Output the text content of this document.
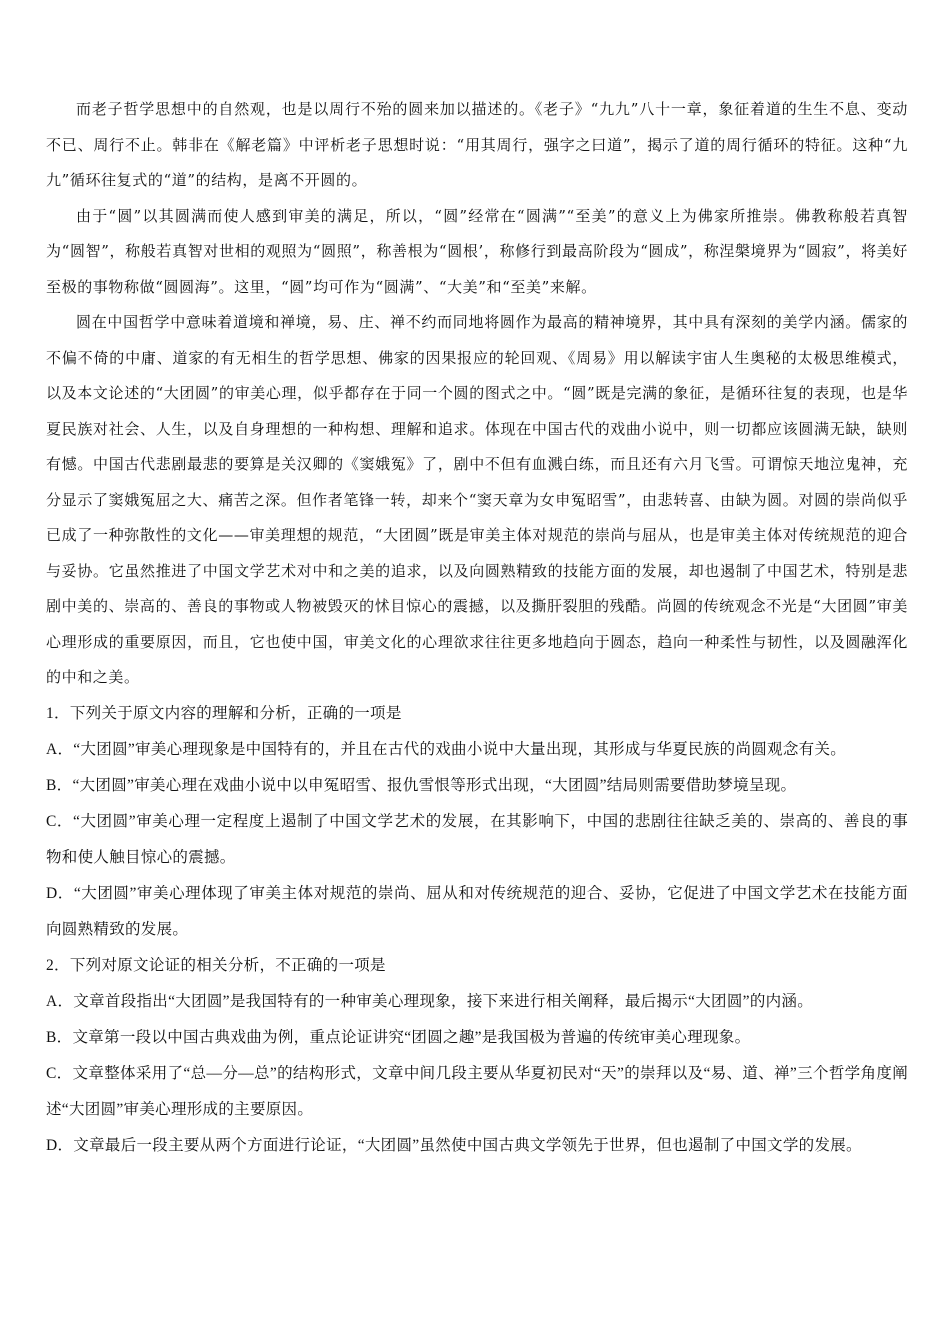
而老子哲学思想中的自然观，也是以周行不殆的圆来加以描述的。《老子》“九九”八十一章，象征着道的生生不息、变动不已、周行不止。韩非在《解老篇》中评析老子思想时说：“用其周行，强字之曰道”，揭示了道的周行循环的特征。这种“九九”循环往复式的“道”的结构，是离不开圆的。

由于“圆”以其圆满而使人感到审美的满足，所以，“圆”经常在“圆满”“至美”的意义上为佛家所推崇。佛教称般若真智为“圆智”，称般若真智对世相的观照为“圆照”，称善根为“圆根’，称修行到最高阶段为“圆成”，称涅槃境界为“圆寂”，将美好至极的事物称做“圆圆海”。这里，“圆”均可作为“圆满”、“大美”和“至美”来解。

圆在中国哲学中意味着道境和禅境，易、庄、禅不约而同地将圆作为最高的精神境界，其中具有深刻的美学内涵。儒家的不偏不倚的中庸、道家的有无相生的哲学思想、佛家的因果报应的轮回观、《周易》用以解读宇宙人生奥秘的太极思维模式，以及本文论述的“大团圆”的审美心理，似乎都存在于同一个圆的图式之中。“圆”既是完满的象征，是循环往复的表现，也是华夏民族对社会、人生，以及自身理想的一种构想、理解和追求。体现在中国古代的戏曲小说中，则一切都应该圆满无缺，缺则有憾。中国古代悲剧最悲的要算是关汉卿的《窦娥冤》了，剧中不但有血溅白练，而且还有六月飞雪。可谓惊天地泣鬼神，充分显示了窦娥冤屈之大、痛苦之深。但作者笔锋一转，却来个“窦天章为女申冤昭雪”，由悲转喜、由缺为圆。对圆的崇尚似乎已成了一种弥散性的文化——审美理想的规范，“大团圆”既是审美主体对规范的崇尚与屈从，也是审美主体对传统规范的迎合与妥协。它虽然推进了中国文学艺术对中和之美的追求，以及向圆熟精致的技能方面的发展，却也遏制了中国艺术，特别是悲剧中美的、崇高的、善良的事物或人物被毁灭的怵目惊心的震撼，以及撕肝裂胆的残酷。尚圆的传统观念不光是“大团圆”审美心理形成的重要原因，而且，它也使中国，审美文化的心理欲求往往更多地趋向于圆态，趋向一种柔性与韧性，以及圆融浑化的中和之美。

1．下列关于原文内容的理解和分析，正确的一项是

A．“大团圆”审美心理现象是中国特有的，并且在古代的戏曲小说中大量出现，其形成与华夏民族的尚圆观念有关。

B．“大团圆”审美心理在戏曲小说中以申冤昭雪、报仇雪恨等形式出现，“大团圆”结局则需要借助梦境呈现。

C．“大团圆”审美心理一定程度上遏制了中国文学艺术的发展，在其影响下，中国的悲剧往往缺乏美的、崇高的、善良的事物和使人触目惊心的震撼。

D．“大团圆”审美心理体现了审美主体对规范的崇尚、屈从和对传统规范的迎合、妥协，它促进了中国文学艺术在技能方面向圆熟精致的发展。

2．下列对原文论证的相关分析，不正确的一项是

A．文章首段指出“大团圆”是我国特有的一种审美心理现象，接下来进行相关阐释，最后揭示“大团圆”的内涵。

B．文章第一段以中国古典戏曲为例，重点论证讲究“团圆之趣”是我国极为普遍的传统审美心理现象。

C．文章整体采用了“总—分—总”的结构形式，文章中间几段主要从华夏初民对“天”的崇拜以及“易、道、禅”三个哲学角度阐述“大团圆”审美心理形成的主要原因。

D．文章最后一段主要从两个方面进行论证，“大团圆”虽然使中国古典文学领先于世界，但也遏制了中国文学的发展。
